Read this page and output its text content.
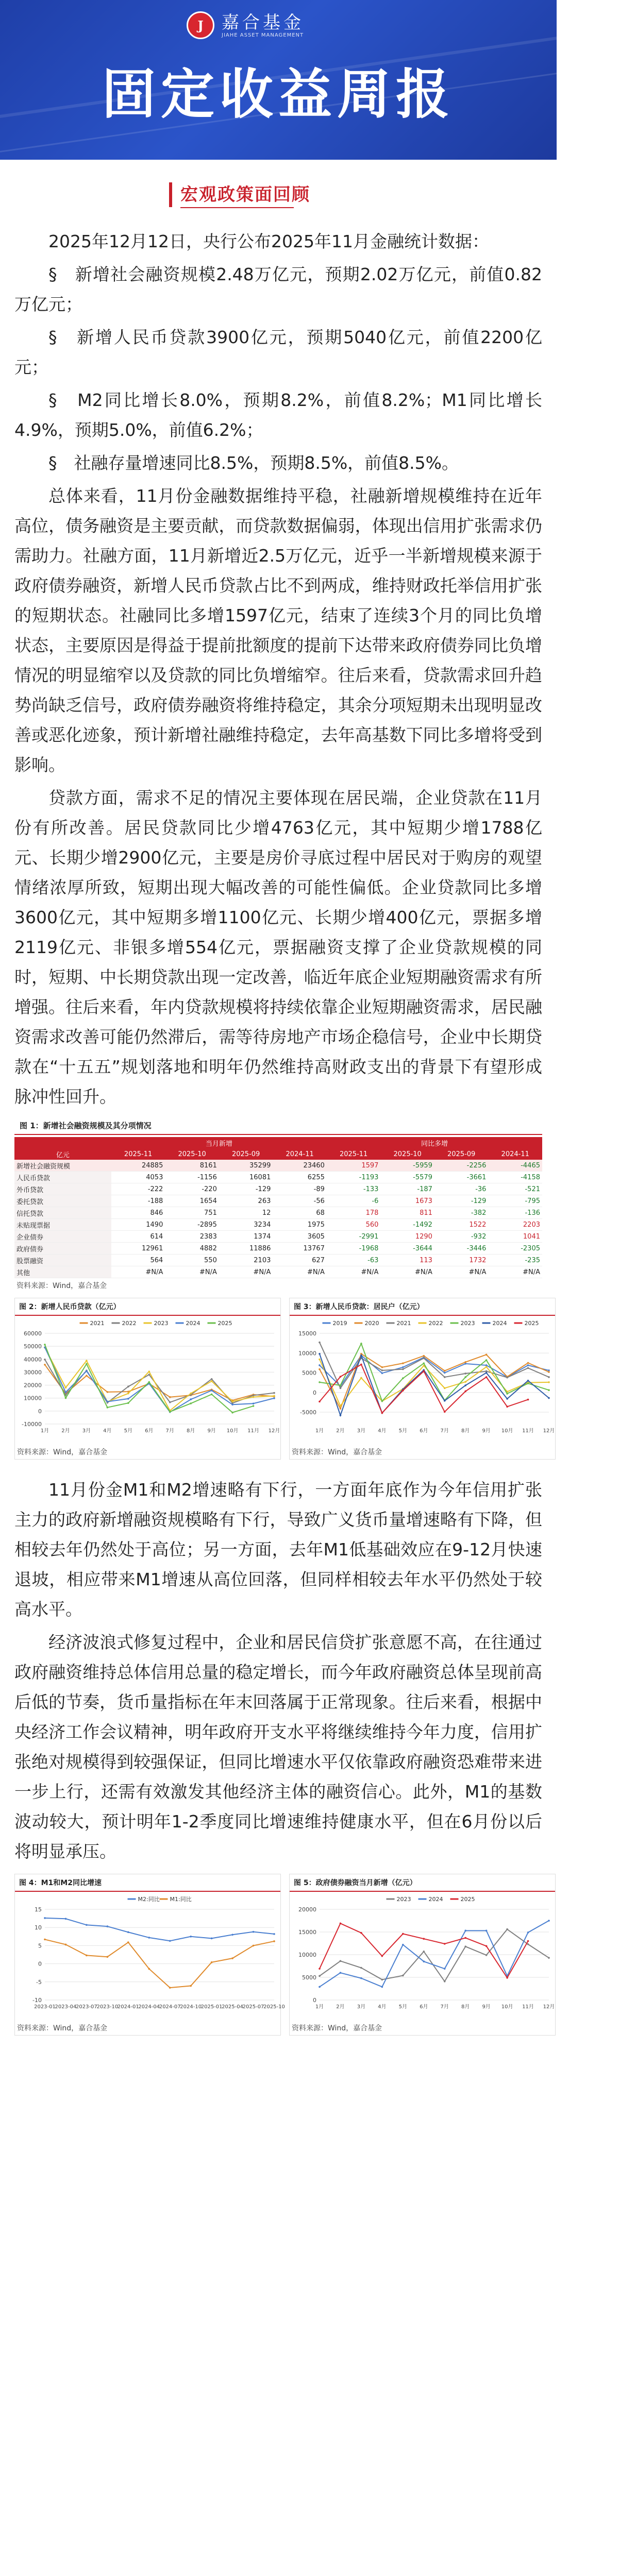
J	嘉合基金
JIAHE ASSET MANAGEMENT
固定收益周报
宏观政策面回顾

2025年12月12日，央行公布2025年11月金融统计数据：

§　新增社会融资规模2.48万亿元，预期2.02万亿元，前值0.82万亿元；

§　新增人民币贷款3900亿元，预期5040亿元，前值2200亿元；

§　M2同比增长8.0%，预期8.2%，前值8.2%；M1同比增长4.9%，预期5.0%，前值6.2%；

§　社融存量增速同比8.5%，预期8.5%，前值8.5%。

总体来看，11月份金融数据维持平稳，社融新增规模维持在近年高位，债务融资是主要贡献，而贷款数据偏弱，体现出信用扩张需求仍需助力。社融方面，11月新增近2.5万亿元，近乎一半新增规模来源于政府债券融资，新增人民币贷款占比不到两成，维持财政托举信用扩张的短期状态。社融同比多增1597亿元，结束了连续3个月的同比负增状态，主要原因是得益于提前批额度的提前下达带来政府债券同比负增情况的明显缩窄以及贷款的同比负增缩窄。往后来看，贷款需求回升趋势尚缺乏信号，政府债券融资将维持稳定，其余分项短期未出现明显改善或恶化迹象，预计新增社融维持稳定，去年高基数下同比多增将受到影响。

贷款方面，需求不足的情况主要体现在居民端，企业贷款在11月份有所改善。居民贷款同比少增4763亿元，其中短期少增1788亿元、长期少增2900亿元，主要是房价寻底过程中居民对于购房的观望情绪浓厚所致，短期出现大幅改善的可能性偏低。企业贷款同比多增3600亿元，其中短期多增1100亿元、长期少增400亿元，票据多增2119亿元、非银多增554亿元，票据融资支撑了企业贷款规模的同时，短期、中长期贷款出现一定改善，临近年底企业短期融资需求有所增强。往后来看，年内贷款规模将持续依靠企业短期融资需求，居民融资需求改善可能仍然滞后，需等待房地产市场企稳信号，企业中长期贷款在“十五五”规划落地和明年仍然维持高财政支出的背景下有望形成脉冲性回升。

图 1：新增社会融资规模及其分项情况
	当月新增				同比多增			
亿元	2025-11	2025-10	2025-09	2024-11	2025-11	2025-10	2025-09	2024-11
新增社会融资规模	24885	8161	35299	23460	1597	-5959	-2256	-4465
人民币贷款	4053	-1156	16081	6255	-1193	-5579	-3661	-4158
外币贷款	-222	-220	-129	-89	-133	-187	-36	-521
委托贷款	-188	1654	263	-56	-6	1673	-129	-795
信托贷款	846	751	12	68	178	811	-382	-136
未贴现票据	1490	-2895	3234	1975	560	-1492	1522	2203
企业债券	614	2383	1374	3605	-2991	1290	-932	1041
政府债券	12961	4882	11886	13767	-1968	-3644	-3446	-2305
股票融资	564	550	2103	627	-63	113	1732	-235
其他	#N/A	#N/A	#N/A	#N/A	#N/A	#N/A	#N/A	#N/A
资料来源：Wind，嘉合基金
图 2：新增人民币贷款（亿元）
60000
50000
40000
30000
20000
10000
0
-10000
1月 2月 3月 4月 5月 6月 7月 8月 9月 10月 11月 12月
2021	2022	2023	2024	2025
资料来源：Wind，嘉合基金
图 3：新增人民币贷款：居民户（亿元）
15000
10000
5000
0
-5000
1月 2月 3月 4月 5月 6月 7月 8月 9月 10月 11月 12月
2019	2020	2021	2022	2023	2024	2025
资料来源：Wind，嘉合基金

11月份金M1和M2增速略有下行，一方面年底作为今年信用扩张主力的政府新增融资规模略有下行，导致广义货币量增速略有下降，但相较去年仍然处于高位；另一方面，去年M1低基础效应在9-12月快速退坡，相应带来M1增速从高位回落，但同样相较去年水平仍然处于较高水平。

经济波浪式修复过程中，企业和居民信贷扩张意愿不高，在往通过政府融资维持总体信用总量的稳定增长，而今年政府融资总体呈现前高后低的节奏，货币量指标在年末回落属于正常现象。往后来看，根据中央经济工作会议精神，明年政府开支水平将继续维持今年力度，信用扩张绝对规模得到较强保证，但同比增速水平仅依靠政府融资恐难带来进一步上行，还需有效激发其他经济主体的融资信心。此外，M1的基数波动较大，预计明年1-2季度同比增速维持健康水平，但在6月份以后将明显承压。

图 4：M1和M2同比增速
15
10
5
0
-5
-10
2023-01
2023-04
2023-07
2023-10
2024-01
2024-04
2024-07
2024-10
2025-01
2025-04
2025-07
2025-10
M2:同比 M1:同比
资料来源：Wind，嘉合基金
图 5：政府债券融资当月新增（亿元）
20000
15000
10000
5000
0
1月 2月 3月 4月 5月 6月 7月 8月 9月 10月 11月 12月
2023	2024	2025
资料来源：Wind，嘉合基金
